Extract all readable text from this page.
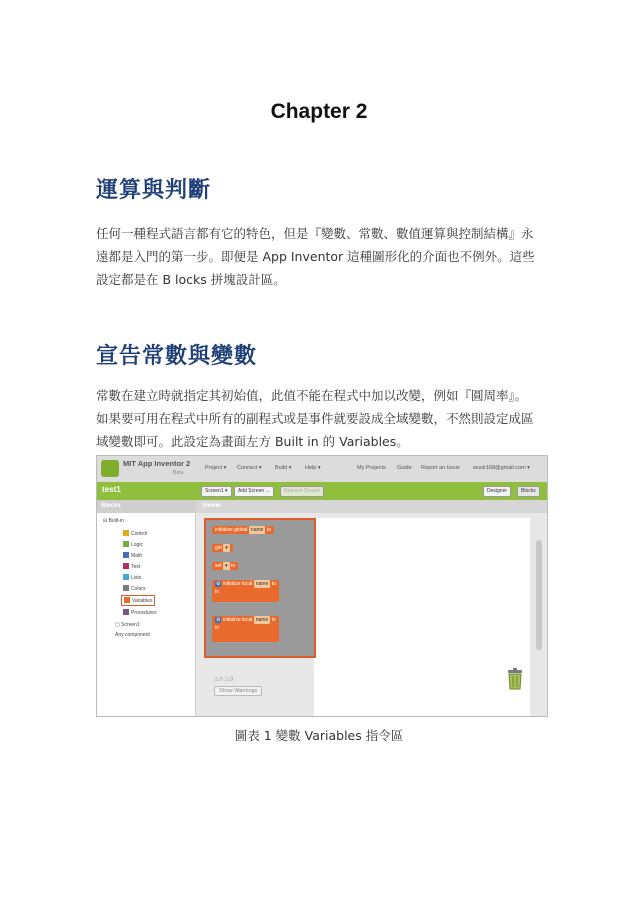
Chapter 2
運算與判斷
任何一種程式語言都有它的特色，但是『變數、常數、數值運算與控制結構』永
遠都是入門的第一步。即便是 App Inventor 這種圖形化的介面也不例外。這些
設定都是在 B locks 拼塊設計區。
宣告常數與變數
常數在建立時就指定其初始值，此值不能在程式中加以改變，例如『圓周率』。
如果要可用在程式中所有的副程式或是事件就要設成全域變數，不然則設定成區
域變數即可。此設定為畫面左方 Built in 的 Variables。
MIT App Inventor 2
Beta
Project ▾ Connect ▾ Build ▾ Help ▾	My Projects Guide Report an Issue wusir168@gmail.com ▾
test1	Screen1 ▾	Add Screen ...	Remove Screen	Designer	Blocks
Blocks
⊟ Built-in
Control
Logic
Math
Text
Lists
Colors
Variables
Procedures
▢ Screen1
Any component
Viewer
initialize global name to
get ▾
set ▾ to
⚙ initialize local name to
in
⚙ initialize local name to
in
⚠0 ⚠0
Show Warnings
圖表 1 變數 Variables 指令區
